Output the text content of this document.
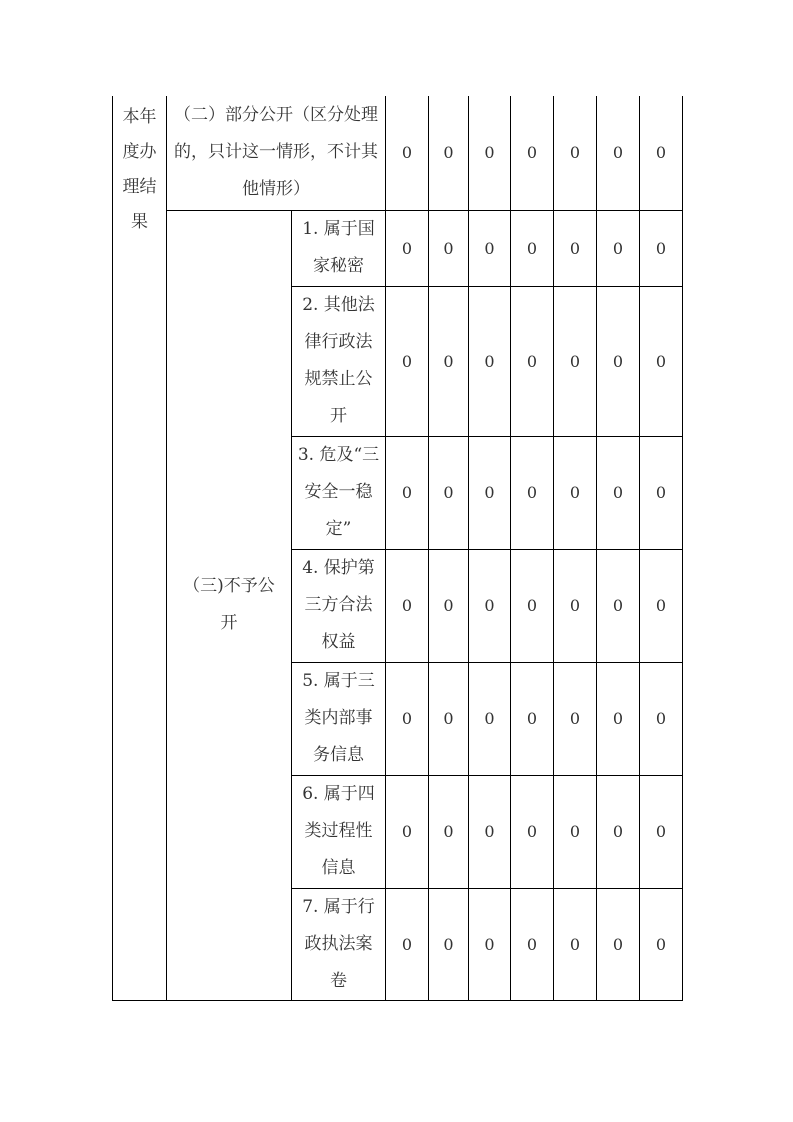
本年度办理结果	（二）部分公开（区分处理的，只计这一情形，不计其他情形）		0	0	0	0	0	0	0
	（三)不予公开	1. 属于国家秘密	0	0	0	0	0	0	0
		2. 其他法律行政法规禁止公开	0	0	0	0	0	0	0
		3. 危及“三安全一稳定”	0	0	0	0	0	0	0
		4. 保护第三方合法权益	0	0	0	0	0	0	0
		5. 属于三类内部事务信息	0	0	0	0	0	0	0
		6. 属于四类过程性信息	0	0	0	0	0	0	0
		7. 属于行政执法案卷	0	0	0	0	0	0	0
